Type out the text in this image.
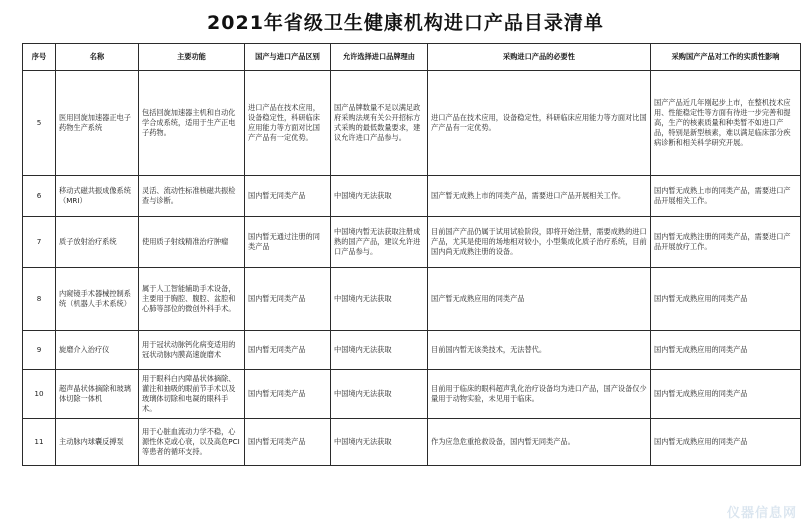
2021年省级卫生健康机构进口产品目录清单
序号	名称	主要功能	国产与进口产品区别	允许选择进口品牌理由	采购进口产品的必要性	采购国产产品对工作的实质性影响
5	医用回旋加速器正电子药物生产系统	包括回旋加速器主机和自动化学合成系统，适用于生产正电子药物。	进口产品在技术应用，设备稳定性，科研临床应用能力等方面对比国产产品有一定优势。	国产品牌数量不足以满足政府采购法规有关公开招标方式采购的最低数量要求，建议允许进口产品参与。	进口产品在技术应用，设备稳定性，科研临床应用能力等方面对比国产产品有一定优势。	国产产品近几年刚起步上市，在整机技术应用、性能稳定性等方面有待进一步完善和提高，生产的核素质量和种类暂不如进口产品，特别是新型核素，难以满足临床部分疾病诊断和相关科学研究开展。
6	移动式磁共振成像系统（MRI）	灵活、流动性标准核磁共振检查与诊断。	国内暂无同类产品	中国境内无法获取	国产暂无成熟上市的同类产品，需要进口产品开展相关工作。	国内暂无成熟上市的同类产品，需要进口产品开展相关工作。
7	质子放射治疗系统	使用质子射线精准治疗肿瘤	国内暂无通过注册的同类产品	中国境内暂无法获取注册成熟的国产产品，建议允许进口产品参与。	目前国产产品仍属于试用试验阶段，即将开始注册，需要成熟的进口产品，尤其是使用的场地相对较小，小型集成化质子治疗系统，目前国内尚无成熟注册的设备。	国内暂无成熟注册的同类产品，需要进口产品开展放疗工作。
8	内窥镜手术器械控制系统（机器人手术系统）	属于人工智能辅助手术设备，主要用于胸腔、腹腔、盆腔和心肺等部位的微创外科手术。	国内暂无同类产品	中国境内无法获取	国产暂无成熟应用的同类产品	国内暂无成熟应用的同类产品
9	旋磨介入治疗仪	用于冠状动脉钙化病变适用的冠状动脉内膜高速旋磨术	国内暂无同类产品	中国境内无法获取	目前国内暂无该类技术，无法替代。	国内暂无成熟应用的同类产品
10	超声晶状体摘除和玻璃体切除一体机	用于眼科白内障晶状体摘除、灌注和抽吸的眼前节手术以及玻璃体切除和电凝的眼科手术。	国内暂无同类产品	中国境内无法获取	目前用于临床的眼科超声乳化治疗设备均为进口产品，国产设备仅少量用于动物实验，未见用于临床。	国内暂无成熟应用的同类产品
11	主动脉内球囊反搏泵	用于心脏血流动力学不稳，心源性休克或心衰，以及高危PCI等患者的循环支持。	国内暂无同类产品	中国境内无法获取	作为应急危重抢救设备，国内暂无同类产品。	国内暂无成熟应用的同类产品
仪器信息网
